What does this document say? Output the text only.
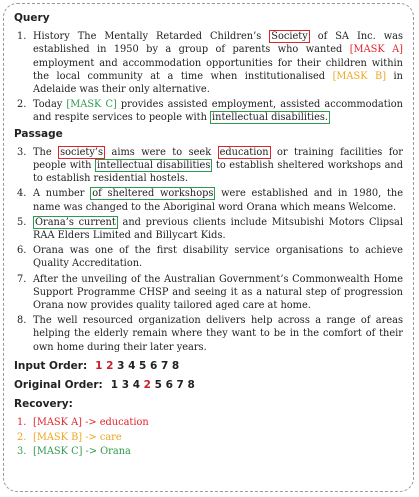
Query
1. History The Mentally Retarded Children’s Society of SA Inc. was established in 1950 by a group of parents who wanted [MASK A] employment and accommodation opportunities for their children within the local community at a time when institutionalised [MASK B] in Adelaide was their only alternative.
2. Today [MASK C] provides assisted employment, assisted accommodation and respite services to people with intellectual disabilities.
Passage
3. The society’s aims were to seek education or training facilities for people with intellectual disabilities to establish sheltered workshops and to establish residential hostels.
4. A number of sheltered workshops were established and in 1980, the name was changed to the Aboriginal word Orana which means Welcome.
5. Orana’s current and previous clients include Mitsubishi Motors Clipsal RAA Elders Limited and Billycart Kids.
6. Orana was one of the first disability service organisations to achieve Quality Accreditation.
7. After the unveiling of the Australian Government’s Commonwealth Home Support Programme CHSP and seeing it as a natural step of progression Orana now provides quality tailored aged care at home.
8. The well resourced organization delivers help across a range of areas helping the elderly remain where they want to be in the comfort of their own home during their later years.
Input Order: 1 2 3 4 5 6 7 8
Original Order: 1 3 4 2 5 6 7 8
Recovery:
1. [MASK A] -> education
2. [MASK B] -> care
3. [MASK C] -> Orana
